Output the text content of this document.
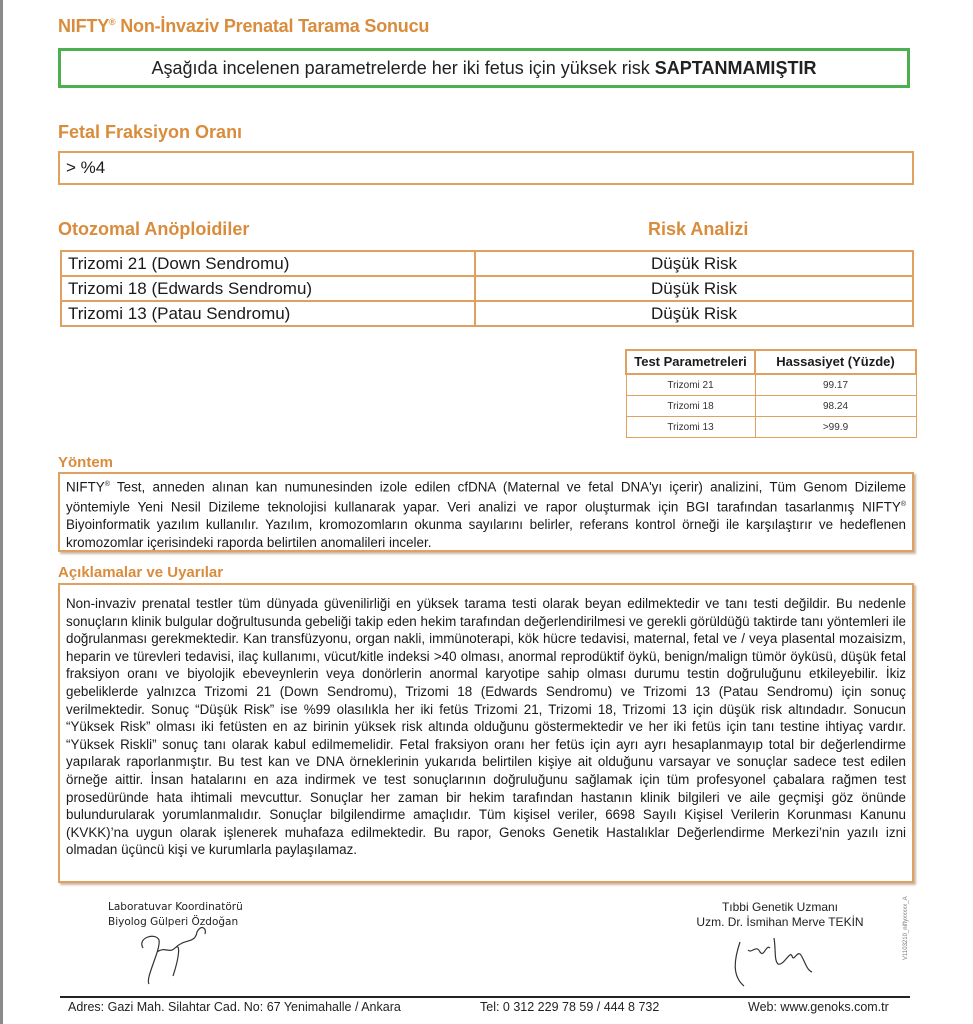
NIFTY® Non-İnvaziv Prenatal Tarama Sonucu
Aşağıda incelenen parametrelerde her iki fetus için yüksek risk SAPTANMAMIŞTIR
Fetal Fraksiyon Oranı
> %4
Otozomal Anöploidiler	Risk Analizi
Trizomi 21 (Down Sendromu)	Düşük Risk
Trizomi 18 (Edwards Sendromu)	Düşük Risk
Trizomi 13 (Patau Sendromu)	Düşük Risk
Test Parametreleri	Hassasiyet (Yüzde)
Trizomi 21	99.17
Trizomi 18	98.24
Trizomi 13	>99.9
Yöntem
NIFTY® Test, anneden alınan kan numunesinden izole edilen cfDNA (Maternal ve fetal DNA'yı içerir) analizini, Tüm Genom Dizileme yöntemiyle Yeni Nesil Dizileme teknolojisi kullanarak yapar. Veri analizi ve rapor oluşturmak için BGI tarafından tasarlanmış NIFTY® Biyoinformatik yazılım kullanılır. Yazılım, kromozomların okunma sayılarını belirler, referans kontrol örneği ile karşılaştırır ve hedeflenen kromozomlar içerisindeki raporda belirtilen anomalileri inceler.
Açıklamalar ve Uyarılar
Non-invaziv prenatal testler tüm dünyada güvenilirliği en yüksek tarama testi olarak beyan edilmektedir ve tanı testi değildir. Bu nedenle sonuçların klinik bulgular doğrultusunda gebeliği takip eden hekim tarafından değerlendirilmesi ve gerekli görüldüğü taktirde tanı yöntemleri ile doğrulanması gerekmektedir. Kan transfüzyonu, organ nakli, immünoterapi, kök hücre tedavisi, maternal, fetal ve / veya plasental mozaisizm, heparin ve türevleri tedavisi, ilaç kullanımı, vücut/kitle indeksi >40 olması, anormal reprodüktif öykü, benign/malign tümör öyküsü, düşük fetal fraksiyon oranı ve biyolojik ebeveynlerin veya donörlerin anormal karyotipe sahip olması durumu testin doğruluğunu etkileyebilir. İkiz gebeliklerde yalnızca Trizomi 21 (Down Sendromu), Trizomi 18 (Edwards Sendromu) ve Trizomi 13 (Patau Sendromu) için sonuç verilmektedir. Sonuç “Düşük Risk” ise %99 olasılıkla her iki fetüs Trizomi 21, Trizomi 18, Trizomi 13 için düşük risk altındadır. Sonucun “Yüksek Risk” olması iki fetüsten en az birinin yüksek risk altında olduğunu göstermektedir ve her iki fetüs için tanı testine ihtiyaç vardır. “Yüksek Riskli” sonuç tanı olarak kabul edilmemelidir. Fetal fraksiyon oranı her fetüs için ayrı ayrı hesaplanmayıp total bir değerlendirme yapılarak raporlanmıştır. Bu test kan ve DNA örneklerinin yukarıda belirtilen kişiye ait olduğunu varsayar ve sonuçlar sadece test edilen örneğe aittir. İnsan hatalarını en aza indirmek ve test sonuçlarının doğruluğunu sağlamak için tüm profesyonel çabalara rağmen test prosedüründe hata ihtimali mevcuttur. Sonuçlar her zaman bir hekim tarafından hastanın klinik bilgileri ve aile geçmişi göz önünde bulundurularak yorumlanmalıdır. Sonuçlar bilgilendirme amaçlıdır. Tüm kişisel veriler, 6698 Sayılı Kişisel Verilerin Korunması Kanunu (KVKK)’na uygun olarak işlenerek muhafaza edilmektedir. Bu rapor, Genoks Genetik Hastalıklar Değerlendirme Merkezi’nin yazılı izni olmadan üçüncü kişi ve kurumlarla paylaşılamaz.
Laboratuvar Koordinatörü
Biyolog Gülperi Özdoğan
Tıbbi Genetik Uzmanı
Uzm. Dr. İsmihan Merve TEKİN	V1103210_niftyxxxxx_A
Adres: Gazi Mah. Silahtar Cad. No: 67 Yenimahalle / Ankara	Tel: 0 312 229 78 59 / 444 8 732	Web: www.genoks.com.tr
